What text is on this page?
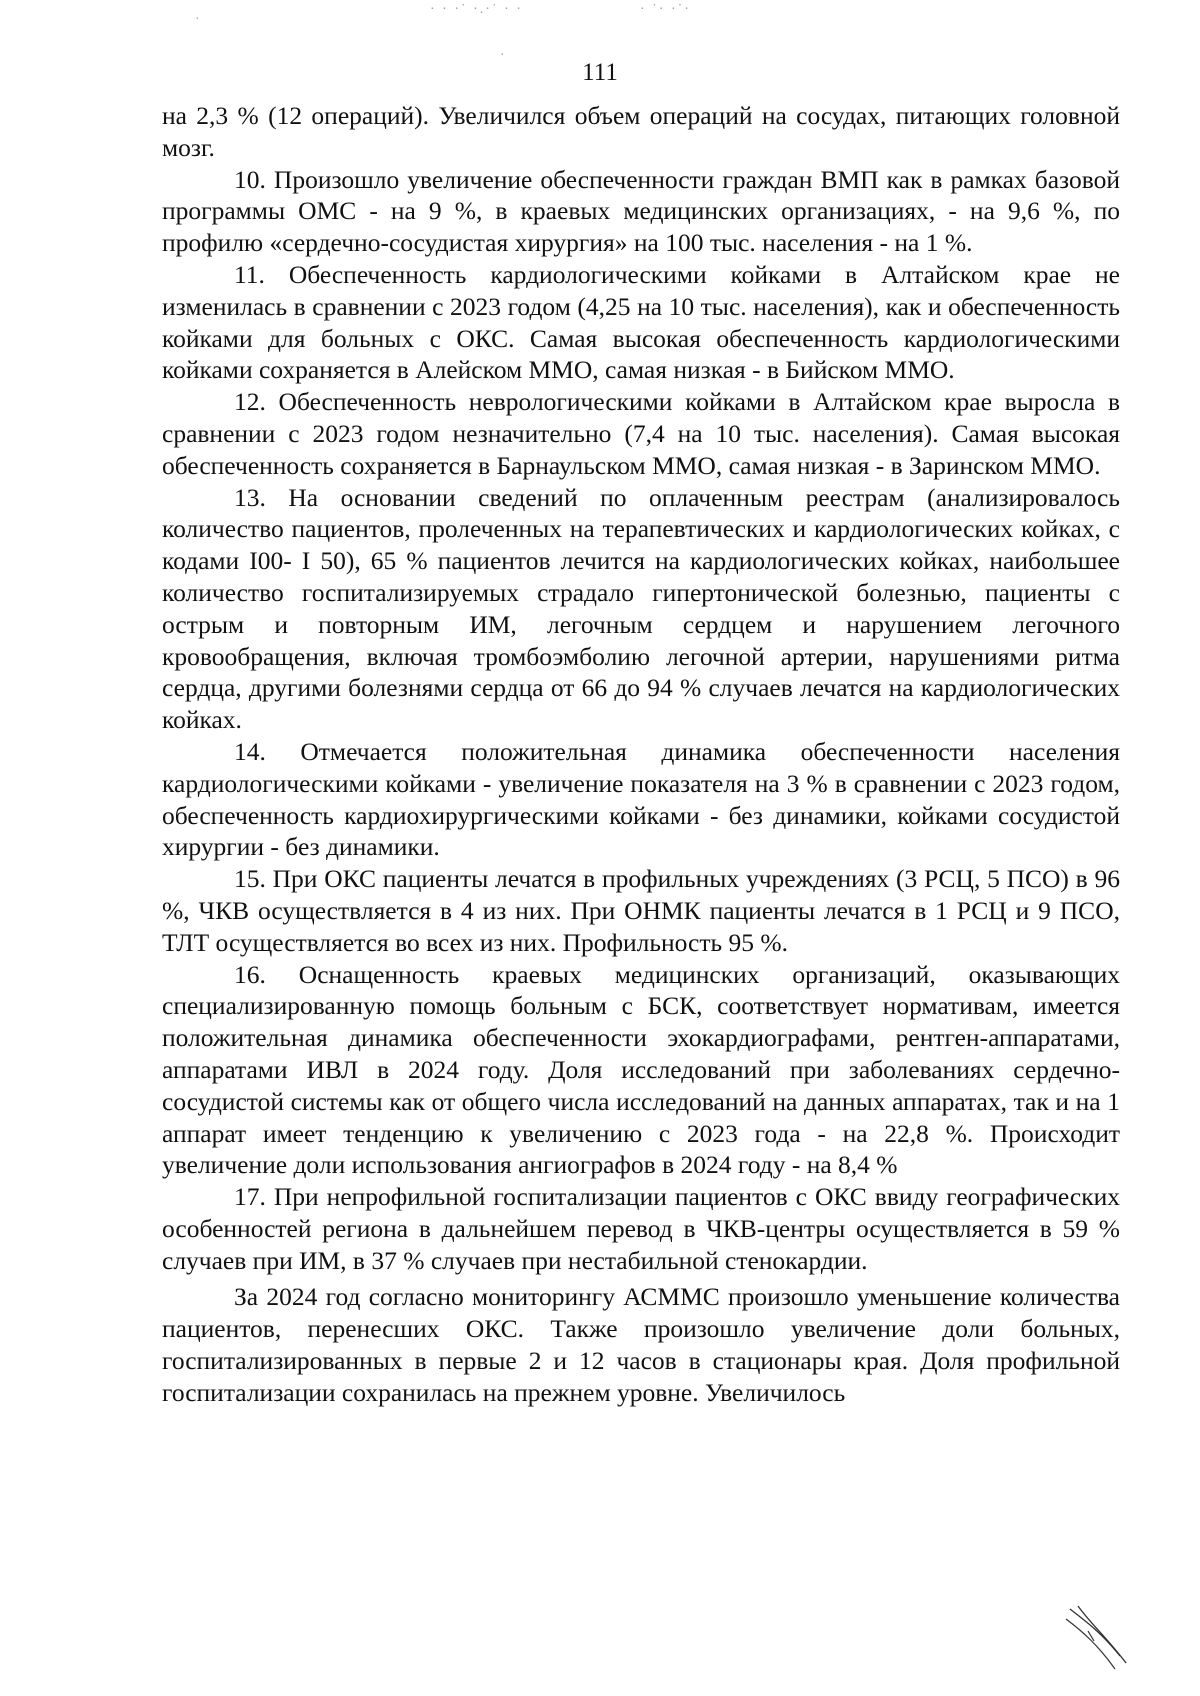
· · ·˙ ·.·˙ · ·	· ˙· ·˙·
·
·
111

на 2,3 % (12 операций). Увеличился объем операций на сосудах, питающих головной мозг.

10. Произошло увеличение обеспеченности граждан ВМП как в рамках базовой программы ОМС - на 9 %, в краевых медицинских организациях, - на 9,6 %, по профилю «сердечно-сосудистая хирургия» на 100 тыс. населения - на 1 %.

11. Обеспеченность кардиологическими койками в Алтайском крае не изменилась в сравнении с 2023 годом (4,25 на 10 тыс. населения), как и обеспеченность койками для больных с ОКС. Самая высокая обеспеченность кардиологическими койками сохраняется в Алейском ММО, самая низкая - в Бийском ММО.

12. Обеспеченность неврологическими койками в Алтайском крае выросла в сравнении с 2023 годом незначительно (7,4 на 10 тыс. населения). Самая высокая обеспеченность сохраняется в Барнаульском ММО, самая низкая - в Заринском ММО.

13. На основании сведений по оплаченным реестрам (анализировалось количество пациентов, пролеченных на терапевтических и кардиологических койках, с кодами I00- I 50), 65 % пациентов лечится на кардиологических койках, наибольшее количество госпитализируемых страдало гипертонической болезнью, пациенты с острым и повторным ИМ, легочным сердцем и нарушением легочного кровообращения, включая тромбоэмболию легочной артерии, нарушениями ритма сердца, другими болезнями сердца от 66 до 94 % случаев лечатся на кардиологических койках.

14. Отмечается положительная динамика обеспеченности населения кардиологическими койками - увеличение показателя на 3 % в сравнении с 2023 годом, обеспеченность кардиохирургическими койками - без динамики, койками сосудистой хирургии - без динамики.

15. При ОКС пациенты лечатся в профильных учреждениях (3 РСЦ, 5 ПСО) в 96 %, ЧКВ осуществляется в 4 из них. При ОНМК пациенты лечатся в 1 РСЦ и 9 ПСО, ТЛТ осуществляется во всех из них. Профильность 95 %.

16. Оснащенность краевых медицинских организаций, оказывающих специализированную помощь больным с БСК, соответствует нормативам, имеется положительная динамика обеспеченности эхокардиографами, рентген-аппаратами, аппаратами ИВЛ в 2024 году. Доля исследований при заболеваниях сердечно-сосудистой системы как от общего числа исследований на данных аппаратах, так и на 1 аппарат имеет тенденцию к увеличению с 2023 года - на 22,8 %. Происходит увеличение доли использования ангиографов в 2024 году - на 8,4 %

17. При непрофильной госпитализации пациентов с ОКС ввиду географических особенностей региона в дальнейшем перевод в ЧКВ-центры осуществляется в 59 % случаев при ИМ, в 37 % случаев при нестабильной стенокардии.

За 2024 год согласно мониторингу АСММС произошло уменьшение количества пациентов, перенесших ОКС. Также произошло увеличение доли больных, госпитализированных в первые 2 и 12 часов в стационары края. Доля профильной госпитализации сохранилась на прежнем уровне. Увеличилось
